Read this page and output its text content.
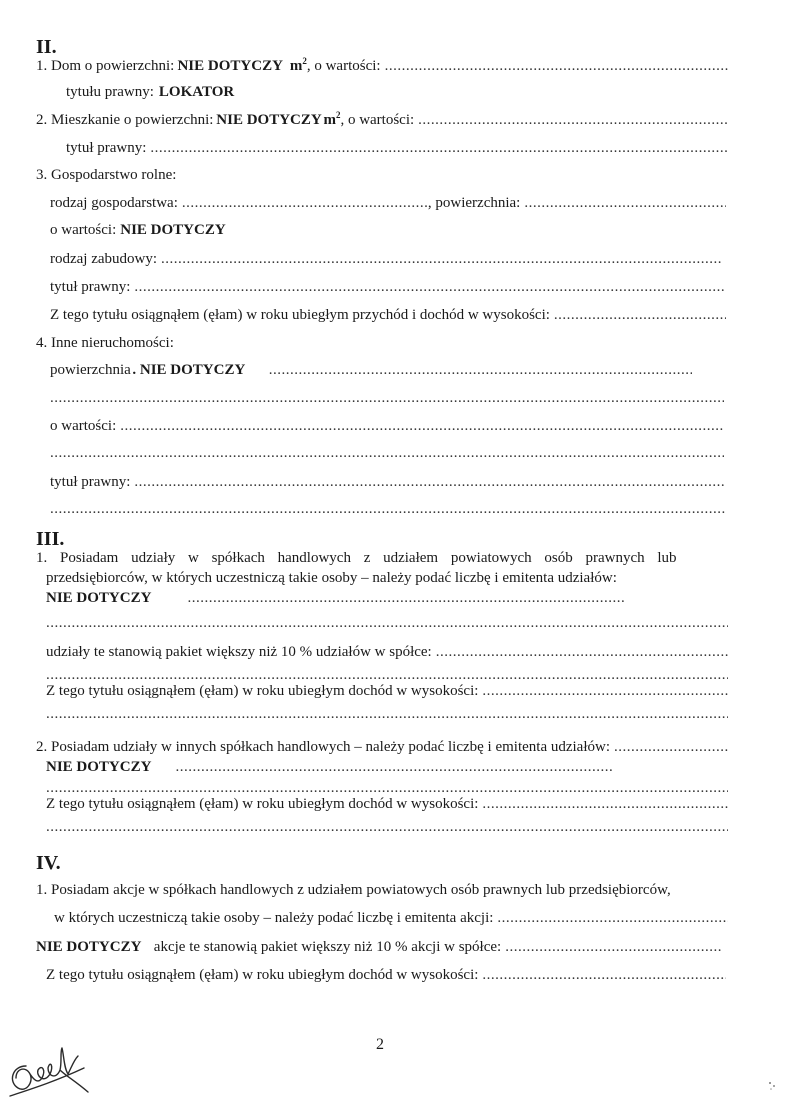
II.
1. Dom o powierzchni: NIE DOTYCZY $m^2$ , o wartości:
.....
tytułu prawny: LOKATOR
2. Mieszkanie o powierzchni: NIE DOTYCZY $m^2$ , o wartości:
.....
tytuł prawny:
.....
3. Gospodarstwo rolne:
rodzaj gospodarstwa:
.....	, powierzchnia:
.....
o wartości: NIE DOTYCZY
rodzaj zabudowy:
.....
tytuł prawny:
.....
Z tego tytułu osiągnąłem (ęłam) w roku ubiegłym przychód i dochód w wysokości:
.....
4. Inne nieruchomości:
powierzchnia . NIE DOTYCZY
.....
.....
o wartości:
.....
.....
tytuł prawny:
.....
.....
III.
1. Posiadam udziały w spółkach handlowych z udziałem powiatowych osób prawnych lub
przedsiębiorców, w których uczestniczą takie osoby – należy podać liczbę i emitenta udziałów:
NIE DOTYCZY
.....
.....
udziały te stanowią pakiet większy niż 10 % udziałów w spółce:
.....
.....
Z tego tytułu osiągnąłem (ęłam) w roku ubiegłym dochód w wysokości:
.....
.....
2. Posiadam udziały w innych spółkach handlowych – należy podać liczbę i emitenta udziałów:
.....
NIE DOTYCZY
.....
.....
Z tego tytułu osiągnąłem (ęłam) w roku ubiegłym dochód w wysokości:
.....
.....
IV.
1. Posiadam akcje w spółkach handlowych z udziałem powiatowych osób prawnych lub przedsiębiorców,
w których uczestniczą takie osoby – należy podać liczbę i emitenta akcji:
.....
NIE DOTYCZY akcje te stanowią pakiet większy niż 10 % akcji w spółce:
.....
Z tego tytułu osiągnąłem (ęłam) w roku ubiegłym dochód w wysokości:
.....
2
